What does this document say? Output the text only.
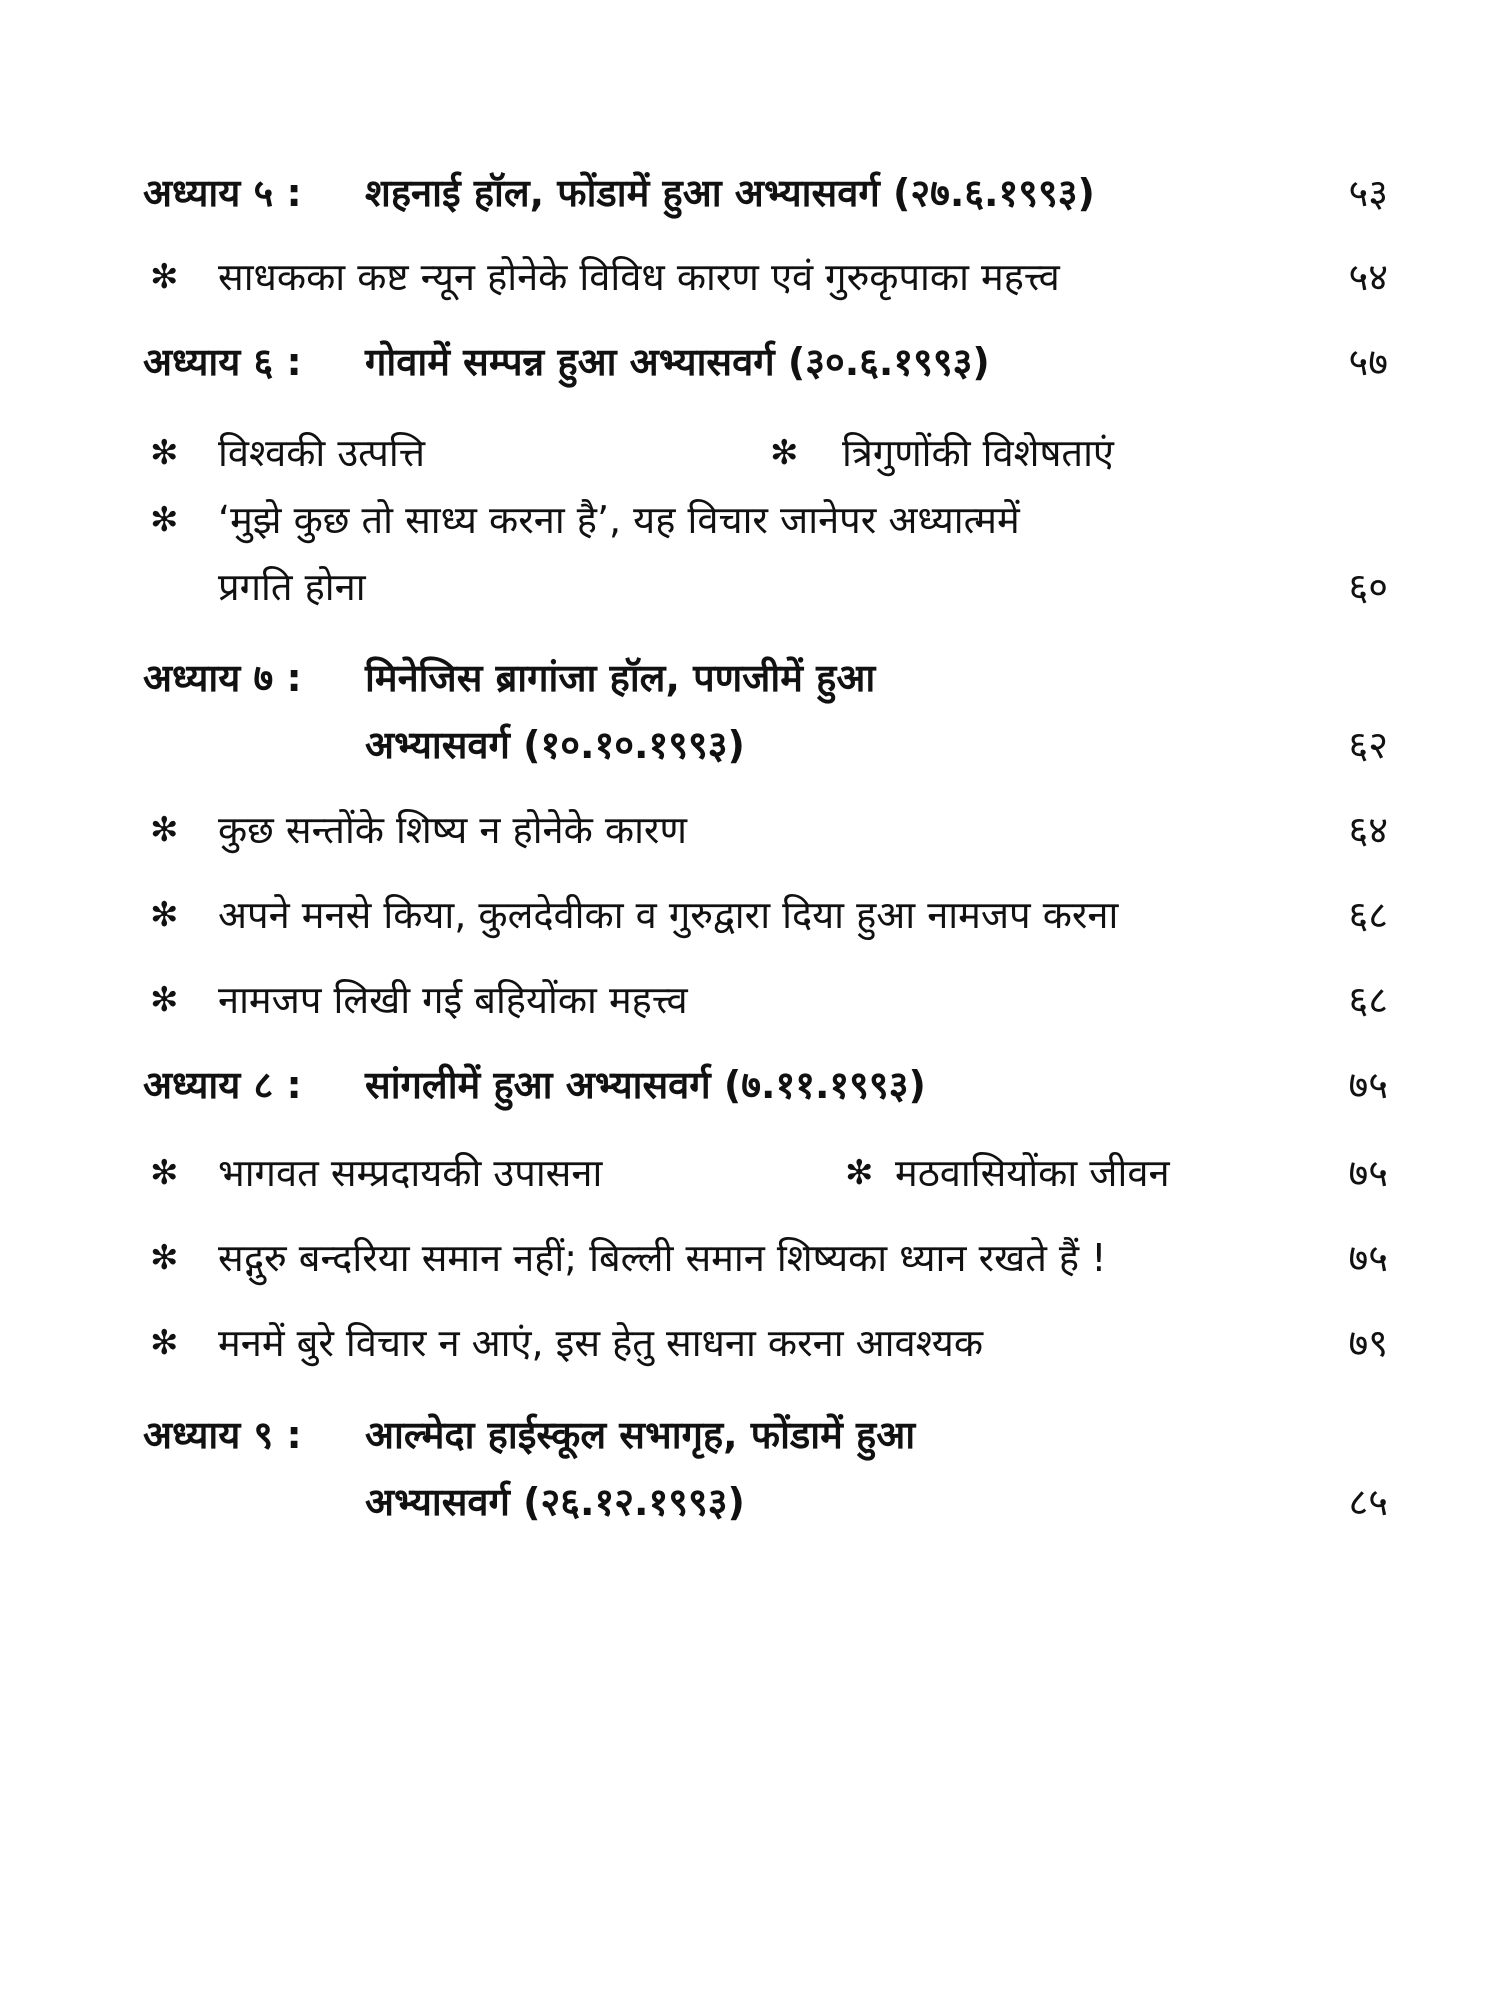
अध्याय ५ : शहनाई हॉल, फोंडामें हुआ अभ्यासवर्ग (२७.६.१९९३)	५३
✻ साधकका कष्ट न्यून होनेके विविध कारण एवं गुरुकृपाका महत्त्व	५४
अध्याय ६ : गोवामें सम्पन्न हुआ अभ्यासवर्ग (३०.६.१९९३)	५७
✻ विश्वकी उत्पत्ति	✻ त्रिगुणोंकी विशेषताएं
✻ ‘मुझे कुछ तो साध्य करना है’, यह विचार जानेपर अध्यात्ममें
प्रगति होना	६०
अध्याय ७ : मिनेजिस ब्रागांजा हॉल, पणजीमें हुआ
अभ्यासवर्ग (१०.१०.१९९३)	६२
✻ कुछ सन्तोंके शिष्य न होनेके कारण	६४
✻ अपने मनसे किया, कुलदेवीका व गुरुद्वारा दिया हुआ नामजप करना	६८
✻ नामजप लिखी गई बहियोंका महत्त्व	६८
अध्याय ८ : सांगलीमें हुआ अभ्यासवर्ग (७.११.१९९३)	७५
✻ भागवत सम्प्रदायकी उपासना	✻ मठवासियोंका जीवन	७५
✻ सद्गुरु बन्दरिया समान नहीं; बिल्ली समान शिष्यका ध्यान रखते हैं !	७५
✻ मनमें बुरे विचार न आएं, इस हेतु साधना करना आवश्यक	७९
अध्याय ९ : आल्मेदा हाईस्कूल सभागृह, फोंडामें हुआ
अभ्यासवर्ग (२६.१२.१९९३)	८५
